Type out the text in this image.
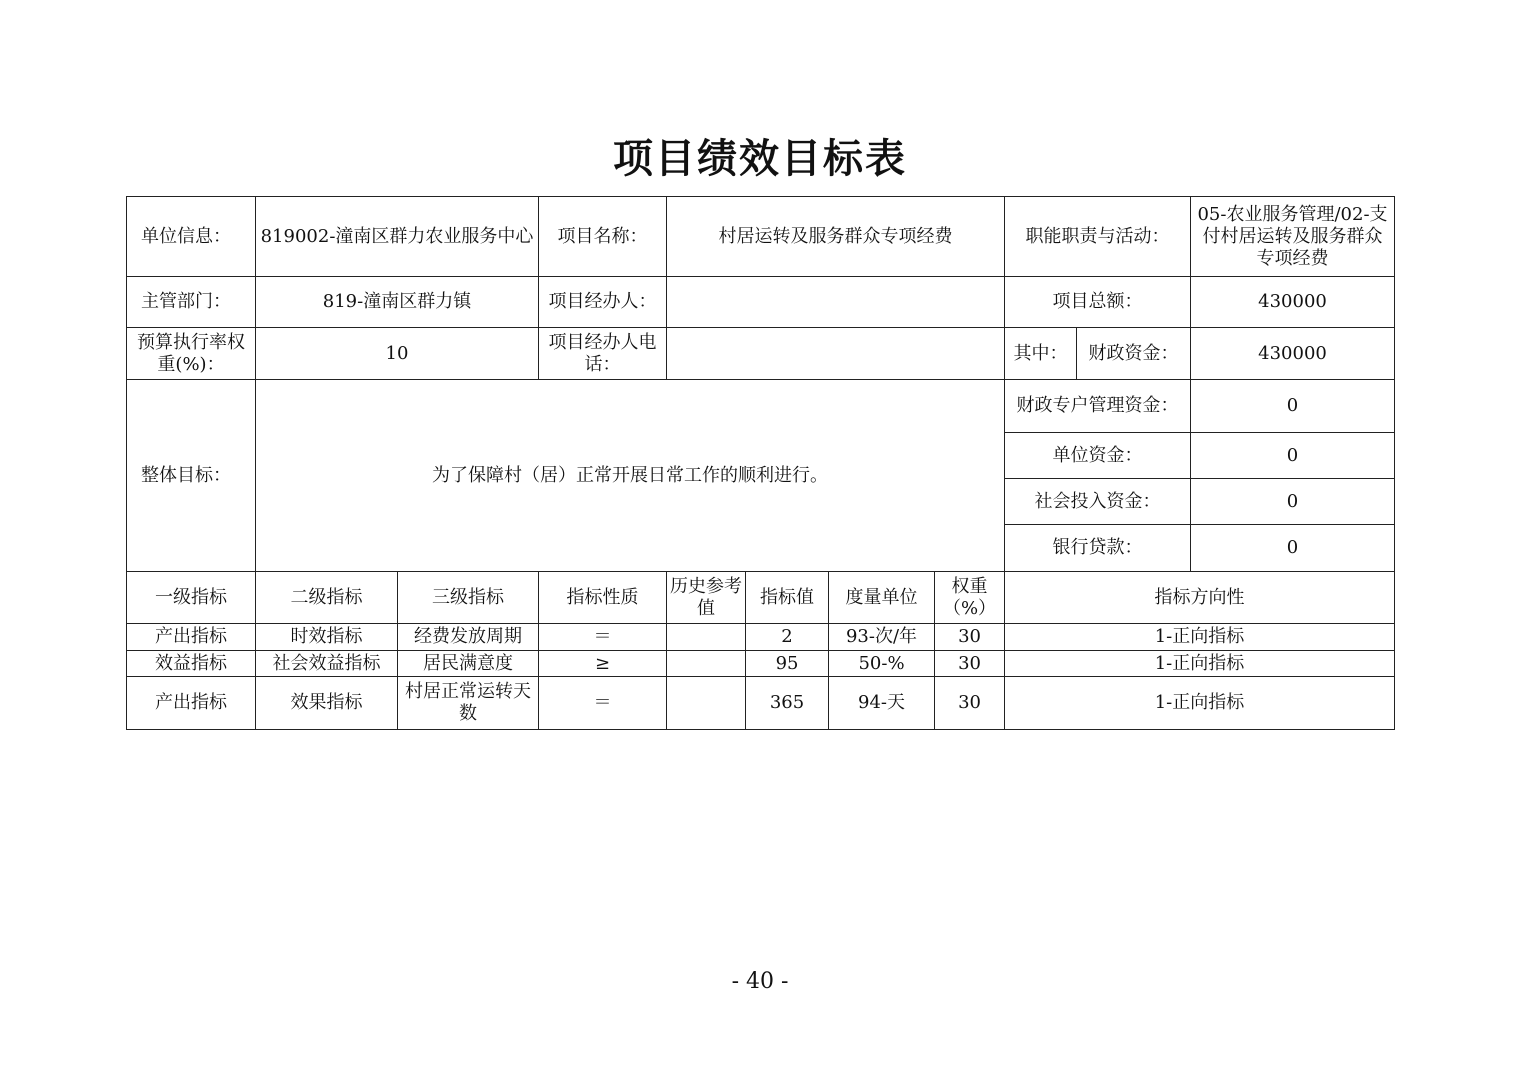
项目绩效目标表
单位信息：	819002-潼南区群力农业服务中心		项目名称：	村居运转及服务群众专项经费				职能职责与活动：		05-农业服务管理/02-支付村居运转及服务群众专项经费
主管部门：	819-潼南区群力镇		项目经办人：					项目总额：		430000
预算执行率权重(%)：	10		项目经办人电话：					其中：	财政资金：	430000
整体目标：	为了保障村（居）正常开展日常工作的顺利进行。							财政专户管理资金：		0
								单位资金：		0
								社会投入资金：		0
								银行贷款：		0
一级指标	二级指标	三级指标	指标性质	历史参考值	指标值	度量单位	权重（%）	指标方向性		
产出指标	时效指标	经费发放周期	＝		2	93-次/年	30	1-正向指标		
效益指标	社会效益指标	居民满意度	≥		95	50-%	30	1-正向指标		
产出指标	效果指标	村居正常运转天数	＝		365	94-天	30	1-正向指标		
- 40 -
